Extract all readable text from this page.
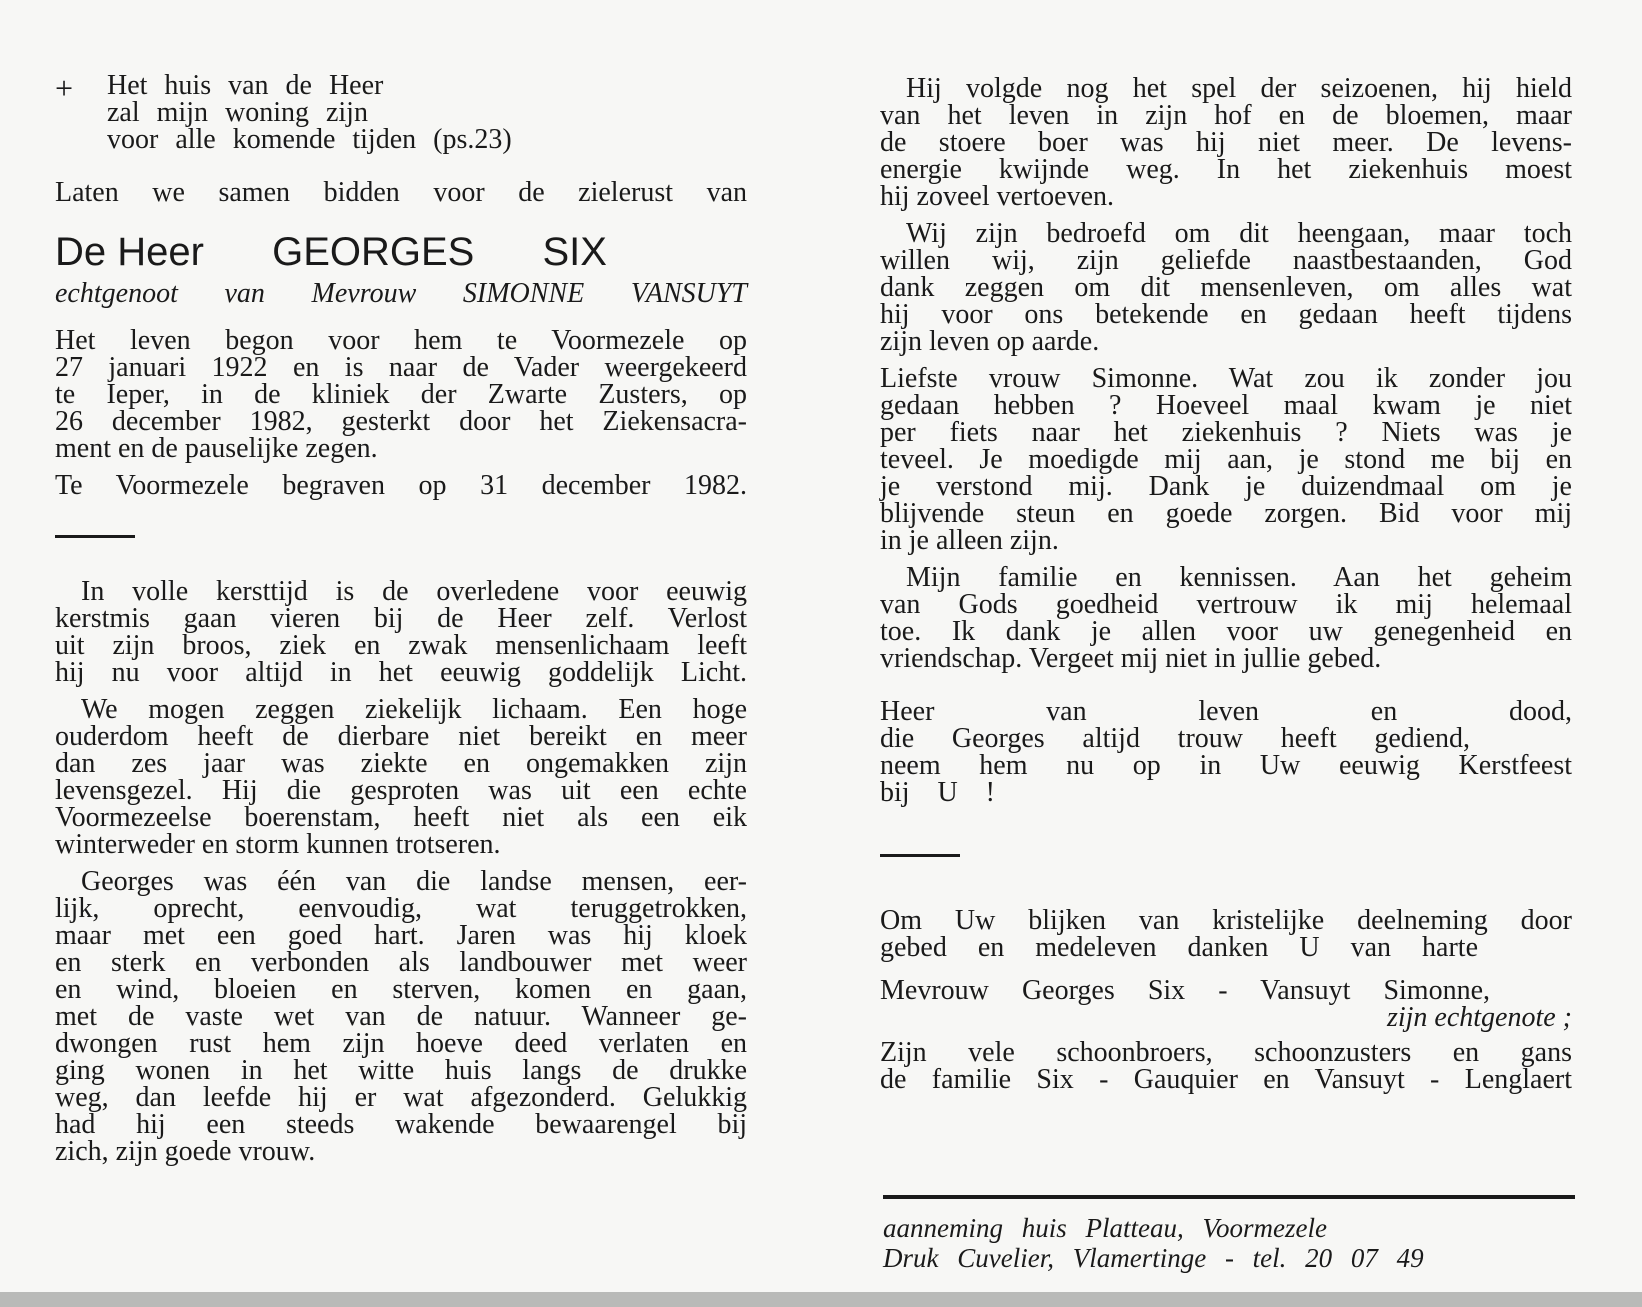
+ Het huis van de Heer
zal mijn woning zijn
voor alle komende tijden (ps.23)
Laten we samen bidden voor de zielerust van
De Heer GEORGES SIX
echtgenoot van Mevrouw SIMONNE VANSUYT
Het leven begon voor hem te Voormezele op
27 januari 1922 en is naar de Vader weergekeerd
te Ieper, in de kliniek der Zwarte Zusters, op
26 december 1982, gesterkt door het Ziekensacra-
ment en de pauselijke zegen.
Te Voormezele begraven op 31 december 1982.
In volle kersttijd is de overledene voor eeuwig
kerstmis gaan vieren bij de Heer zelf. Verlost
uit zijn broos, ziek en zwak mensenlichaam leeft
hij nu voor altijd in het eeuwig goddelijk Licht.
We mogen zeggen ziekelijk lichaam. Een hoge
ouderdom heeft de dierbare niet bereikt en meer
dan zes jaar was ziekte en ongemakken zijn
levensgezel. Hij die gesproten was uit een echte
Voormezeelse boerenstam, heeft niet als een eik
winterweder en storm kunnen trotseren.
Georges was één van die landse mensen, eer-
lijk, oprecht, eenvoudig, wat teruggetrokken,
maar met een goed hart. Jaren was hij kloek
en sterk en verbonden als landbouwer met weer
en wind, bloeien en sterven, komen en gaan,
met de vaste wet van de natuur. Wanneer ge-
dwongen rust hem zijn hoeve deed verlaten en
ging wonen in het witte huis langs de drukke
weg, dan leefde hij er wat afgezonderd. Gelukkig
had hij een steeds wakende bewaarengel bij
zich, zijn goede vrouw.
Hij volgde nog het spel der seizoenen, hij hield
van het leven in zijn hof en de bloemen, maar
de stoere boer was hij niet meer. De levens-
energie kwijnde weg. In het ziekenhuis moest
hij zoveel vertoeven.
Wij zijn bedroefd om dit heengaan, maar toch
willen wij, zijn geliefde naastbestaanden, God
dank zeggen om dit mensenleven, om alles wat
hij voor ons betekende en gedaan heeft tijdens
zijn leven op aarde.
Liefste vrouw Simonne. Wat zou ik zonder jou
gedaan hebben ? Hoeveel maal kwam je niet
per fiets naar het ziekenhuis ? Niets was je
teveel. Je moedigde mij aan, je stond me bij en
je verstond mij. Dank je duizendmaal om je
blijvende steun en goede zorgen. Bid voor mij
in je alleen zijn.
Mijn familie en kennissen. Aan het geheim
van Gods goedheid vertrouw ik mij helemaal
toe. Ik dank je allen voor uw genegenheid en
vriendschap. Vergeet mij niet in jullie gebed.
Heer van leven en dood,
die Georges altijd trouw heeft gediend,
neem hem nu op in Uw eeuwig Kerstfeest
bij U !
Om Uw blijken van kristelijke deelneming door
gebed en medeleven danken U van harte
Mevrouw Georges Six - Vansuyt Simonne,
zijn echtgenote ;
Zijn vele schoonbroers, schoonzusters en gans
de familie Six - Gauquier en Vansuyt - Lenglaert
aanneming huis Platteau, Voormezele
Druk Cuvelier, Vlamertinge - tel. 20 07 49
